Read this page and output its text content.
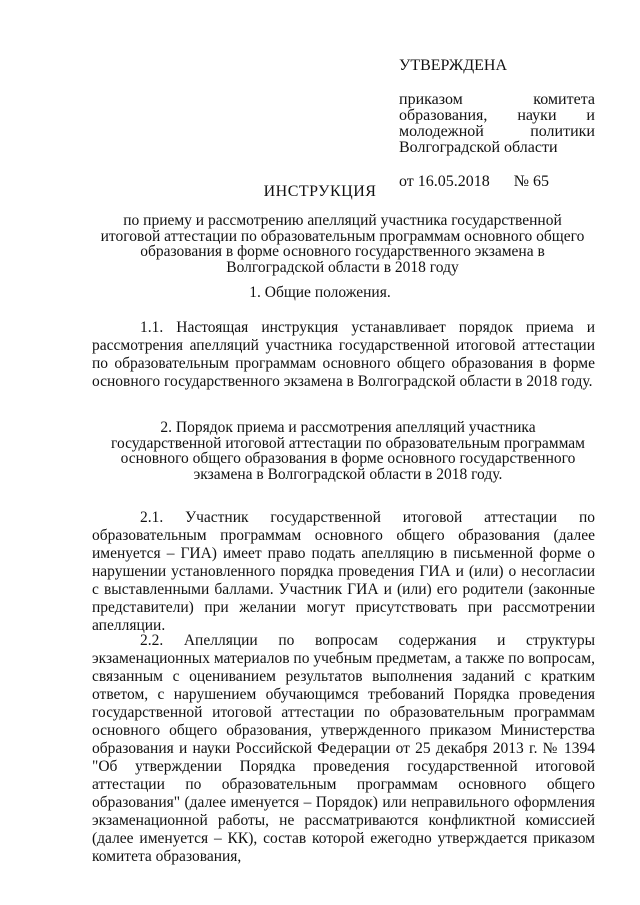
УТВЕРЖДЕНА
приказом комитета образования, науки и молодежной политики Волгоградской области
от 16.05.2018 № 65
ИНСТРУКЦИЯ
по приему и рассмотрению апелляций участника государственной итоговой аттестации по образовательным программам основного общего образования в форме основного государственного экзамена в Волгоградской области в 2018 году
1. Общие положения.

1.1. Настоящая инструкция устанавливает порядок приема и рассмотрения апелляций участника государственной итоговой аттестации по образовательным программам основного общего образования в форме основного государственного экзамена в Волгоградской области в 2018 году.

2. Порядок приема и рассмотрения апелляций участника государственной итоговой аттестации по образовательным программам основного общего образования в форме основного государственного экзамена в Волгоградской области в 2018 году.

2.1. Участник государственной итоговой аттестации по образовательным программам основного общего образования (далее именуется – ГИА) имеет право подать апелляцию в письменной форме о нарушении установленного порядка проведения ГИА и (или) о несогласии с выставленными баллами. Участник ГИА и (или) его родители (законные представители) при желании могут присутствовать при рассмотрении апелляции.

2.2. Апелляции по вопросам содержания и структуры экзаменационных материалов по учебным предметам, а также по вопросам, связанным с оцениванием результатов выполнения заданий с кратким ответом, с нарушением обучающимся требований Порядка проведения государственной итоговой аттестации по образовательным программам основного общего образования, утвержденного приказом Министерства образования и науки Российской Федерации от 25 декабря 2013 г. № 1394 "Об утверждении Порядка проведения государственной итоговой аттестации по образовательным программам основного общего образования" (далее именуется – Порядок) или неправильного оформления экзаменационной работы, не рассматриваются конфликтной комиссией (далее именуется – КК), состав которой ежегодно утверждается приказом комитета образования,
